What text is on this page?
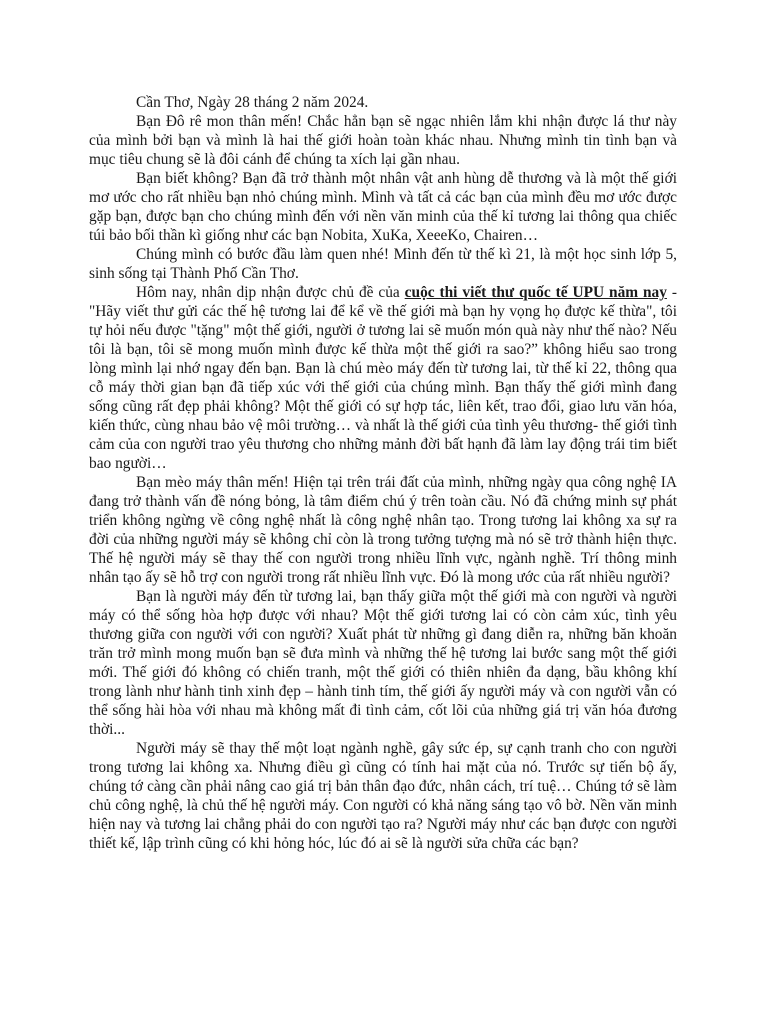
Cần Thơ, Ngày 28 tháng 2 năm 2024.

Bạn Đô rê mon thân mến! Chắc hẳn bạn sẽ ngạc nhiên lắm khi nhận được lá thư này của mình bởi bạn và mình là hai thế giới hoàn toàn khác nhau. Nhưng mình tin tình bạn và mục tiêu chung sẽ là đôi cánh để chúng ta xích lại gần nhau.

Bạn biết không? Bạn đã trở thành một nhân vật anh hùng dễ thương và là một thế giới mơ ước cho rất nhiều bạn nhỏ chúng mình. Mình và tất cả các bạn của mình đều mơ ước được gặp bạn, được bạn cho chúng mình đến với nền văn minh của thế kỉ tương lai thông qua chiếc túi bảo bối thần kì giống như các bạn Nobita, XuKa, XeeeKo, Chairen…

Chúng mình có bước đầu làm quen nhé! Mình đến từ thế kì 21, là một học sinh lớp 5, sinh sống tại Thành Phố Cần Thơ.

Hôm nay, nhân dịp nhận được chủ đề của cuộc thi viết thư quốc tế UPU năm nay - "Hãy viết thư gửi các thế hệ tương lai để kể về thế giới mà bạn hy vọng họ được kế thừa", tôi tự hỏi nếu được "tặng" một thế giới, người ở tương lai sẽ muốn món quà này như thế nào? Nếu tôi là bạn, tôi sẽ mong muốn mình được kế thừa một thế giới ra sao?” không hiểu sao trong lòng mình lại nhớ ngay đến bạn. Bạn là chú mèo máy đến từ tương lai, từ thế kỉ 22, thông qua cỗ máy thời gian bạn đã tiếp xúc với thế giới của chúng mình. Bạn thấy thế giới mình đang sống cũng rất đẹp phải không? Một thế giới có sự hợp tác, liên kết, trao đổi, giao lưu văn hóa, kiến thức, cùng nhau bảo vệ môi trường… và nhất là thế giới của tình yêu thương- thế giới tình cảm của con người trao yêu thương cho những mảnh đời bất hạnh đã làm lay động trái tim biết bao người…

Bạn mèo máy thân mến! Hiện tại trên trái đất của mình, những ngày qua công nghệ IA đang trở thành vấn đề nóng bỏng, là tâm điểm chú ý trên toàn cầu. Nó đã chứng minh sự phát triển không ngừng về công nghệ nhất là công nghệ nhân tạo. Trong tương lai không xa sự ra đời của những người máy sẽ không chỉ còn là trong tưởng tượng mà nó sẽ trở thành hiện thực. Thế hệ người máy sẽ thay thế con người trong nhiều lĩnh vực, ngành nghề. Trí thông minh nhân tạo ấy sẽ hỗ trợ con người trong rất nhiều lĩnh vực. Đó là mong ước của rất nhiều người?

Bạn là người máy đến từ tương lai, bạn thấy giữa một thế giới mà con người và người máy có thể sống hòa hợp được với nhau? Một thế giới tương lai có còn cảm xúc, tình yêu thương giữa con người với con người? Xuất phát từ những gì đang diễn ra, những băn khoăn trăn trở mình mong muốn bạn sẽ đưa mình và những thế hệ tương lai bước sang một thế giới mới. Thế giới đó không có chiến tranh, một thế giới có thiên nhiên đa dạng, bầu không khí trong lành như hành tinh xinh đẹp – hành tinh tím, thế giới ấy người máy và con người vẫn có thể sống hài hòa với nhau mà không mất đi tình cảm, cốt lõi của những giá trị văn hóa đương thời...

Người máy sẽ thay thế một loạt ngành nghề, gây sức ép, sự cạnh tranh cho con người trong tương lai không xa. Nhưng điều gì cũng có tính hai mặt của nó. Trước sự tiến bộ ấy, chúng tớ càng cần phải nâng cao giá trị bản thân đạo đức, nhân cách, trí tuệ… Chúng tớ sẽ làm chủ công nghệ, là chủ thế hệ người máy. Con người có khả năng sáng tạo vô bờ. Nền văn minh hiện nay và tương lai chẳng phải do con người tạo ra? Người máy như các bạn được con người thiết kế, lập trình cũng có khi hỏng hóc, lúc đó ai sẽ là người sửa chữa các bạn?
